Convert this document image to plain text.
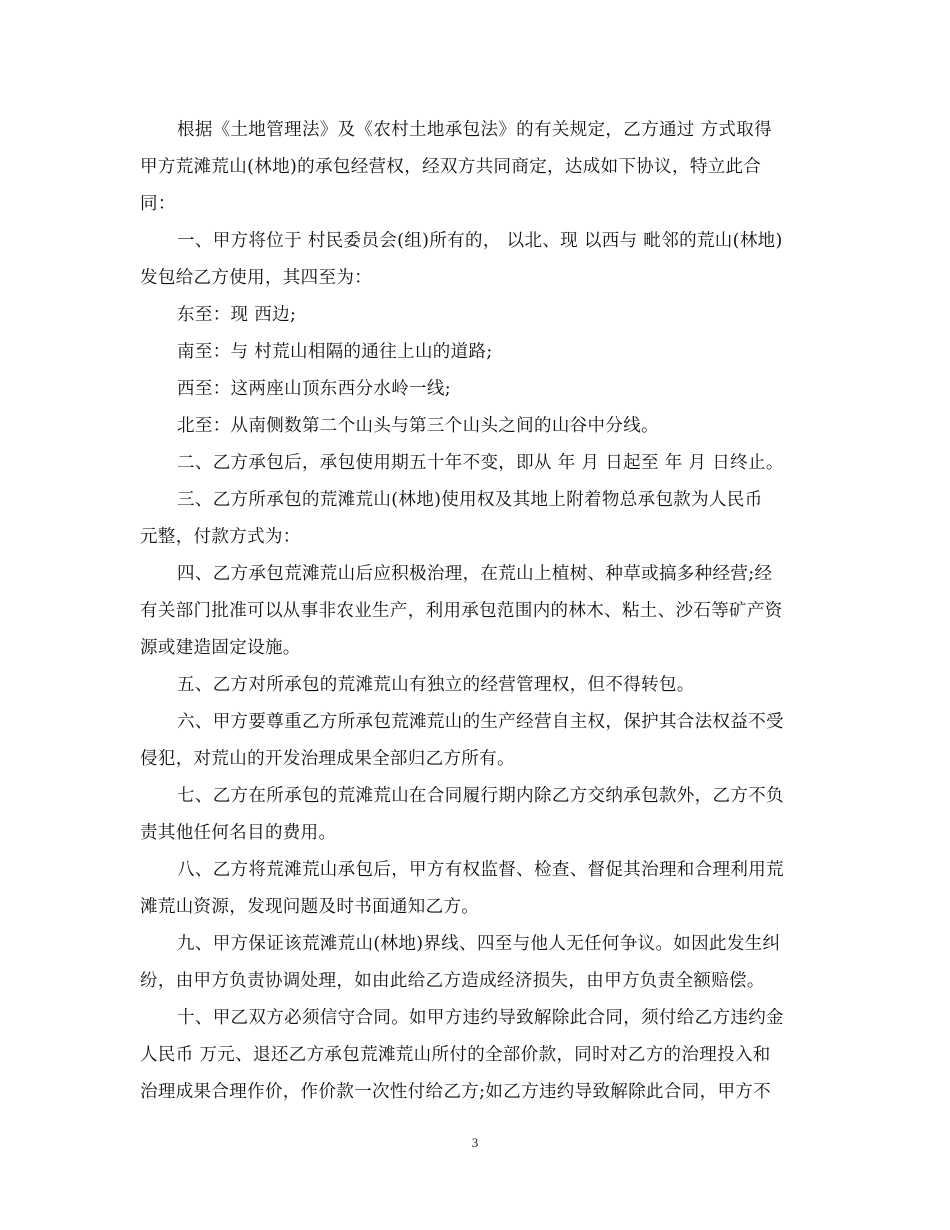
根据《土地管理法》及《农村土地承包法》的有关规定，乙方通过 方式取得
甲方荒滩荒山(林地)的承包经营权，经双方共同商定，达成如下协议，特立此合
同：
一、甲方将位于 村民委员会(组)所有的， 以北、现 以西与 毗邻的荒山(林地)
发包给乙方使用，其四至为：
东至：现 西边;
南至：与 村荒山相隔的通往上山的道路;
西至：这两座山顶东西分水岭一线;
北至：从南侧数第二个山头与第三个山头之间的山谷中分线。
二、乙方承包后，承包使用期五十年不变，即从 年 月 日起至 年 月 日终止。
三、乙方所承包的荒滩荒山(林地)使用权及其地上附着物总承包款为人民币
元整，付款方式为：
四、乙方承包荒滩荒山后应积极治理，在荒山上植树、种草或搞多种经营;经
有关部门批准可以从事非农业生产，利用承包范围内的林木、粘土、沙石等矿产资
源或建造固定设施。
五、乙方对所承包的荒滩荒山有独立的经营管理权，但不得转包。
六、甲方要尊重乙方所承包荒滩荒山的生产经营自主权，保护其合法权益不受
侵犯，对荒山的开发治理成果全部归乙方所有。
七、乙方在所承包的荒滩荒山在合同履行期内除乙方交纳承包款外，乙方不负
责其他任何名目的费用。
八、乙方将荒滩荒山承包后，甲方有权监督、检查、督促其治理和合理利用荒
滩荒山资源，发现问题及时书面通知乙方。
九、甲方保证该荒滩荒山(林地)界线、四至与他人无任何争议。如因此发生纠
纷，由甲方负责协调处理，如由此给乙方造成经济损失，由甲方负责全额赔偿。
十、甲乙双方必须信守合同。如甲方违约导致解除此合同，须付给乙方违约金
人民币 万元、退还乙方承包荒滩荒山所付的全部价款，同时对乙方的治理投入和
治理成果合理作价，作价款一次性付给乙方;如乙方违约导致解除此合同，甲方不
3
